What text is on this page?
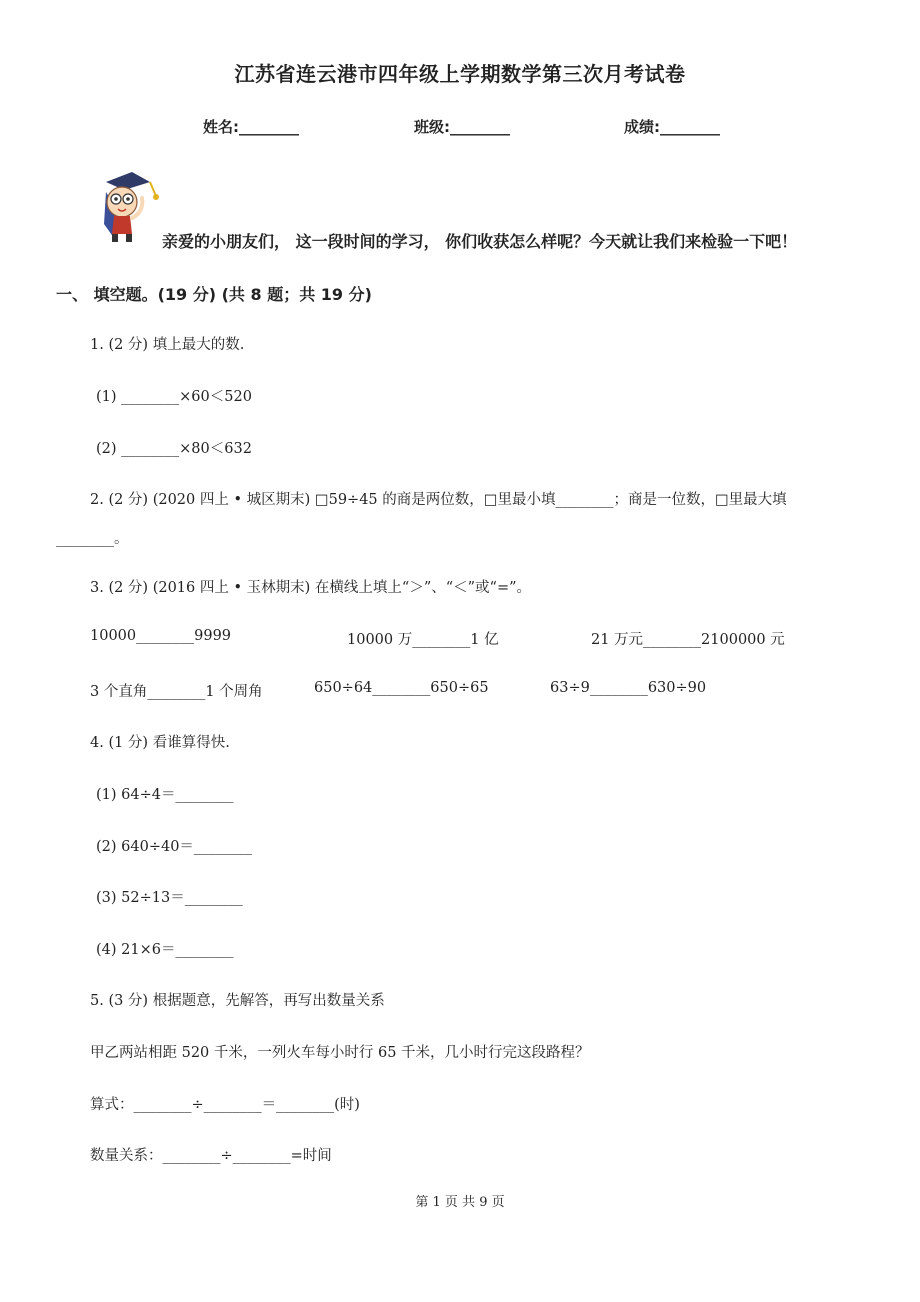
江苏省连云港市四年级上学期数学第三次月考试卷
姓名:________	班级:________	成绩:________
亲爱的小朋友们， 这一段时间的学习， 你们收获怎么样呢？今天就让我们来检验一下吧！
一、 填空题。(19 分) (共 8 题；共 19 分)
1. (2 分) 填上最大的数.
(1) ________×60＜520
(2) ________×80＜632
2. (2 分) (2020 四上 • 城区期末) □59÷45 的商是两位数，□里最小填________；商是一位数，□里最大填
________。
3. (2 分) (2016 四上 • 玉林期末) 在横线上填上“＞”、“＜”或“=”。
10000________9999	10000 万________1 亿	21 万元________2100000 元
3 个直角________1 个周角	650÷64________650÷65	63÷9________630÷90
4. (1 分) 看谁算得快.
(1) 64÷4＝________
(2) 640÷40＝________
(3) 52÷13＝________
(4) 21×6＝________
5. (3 分) 根据题意，先解答，再写出数量关系
甲乙两站相距 520 千米，一列火车每小时行 65 千米，几小时行完这段路程？
算式：________÷________＝________(时)
数量关系：________÷________=时间
第 1 页 共 9 页
